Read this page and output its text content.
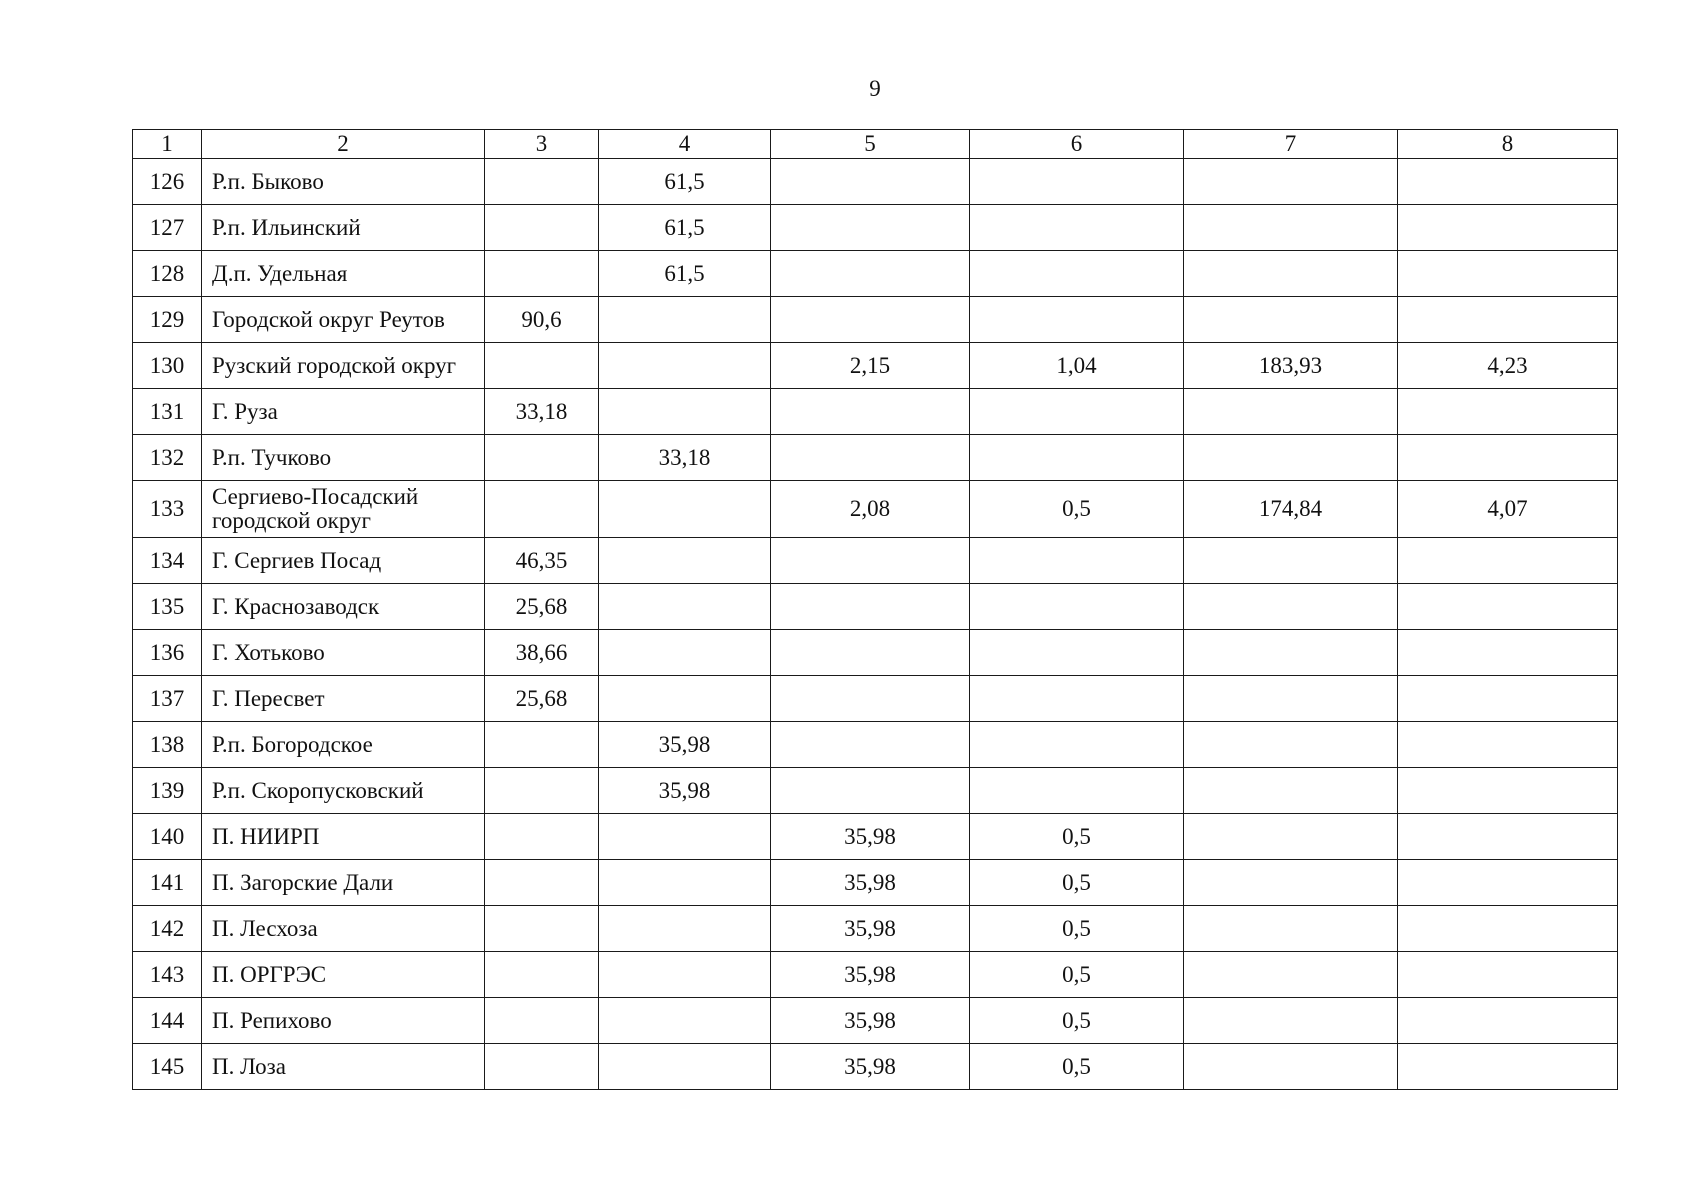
9
1	2	3	4	5	6	7	8
126	Р.п. Быково		61,5				
127	Р.п. Ильинский		61,5				
128	Д.п. Удельная		61,5				
129	Городской округ Реутов	90,6					
130	Рузский городской округ			2,15	1,04	183,93	4,23
131	Г. Руза	33,18					
132	Р.п. Тучково		33,18				
133	Сергиево-Посадский городской округ			2,08	0,5	174,84	4,07
134	Г. Сергиев Посад	46,35					
135	Г. Краснозаводск	25,68					
136	Г. Хотьково	38,66					
137	Г. Пересвет	25,68					
138	Р.п. Богородское		35,98				
139	Р.п. Скоропусковский		35,98				
140	П. НИИРП			35,98	0,5		
141	П. Загорские Дали			35,98	0,5		
142	П. Лесхоза			35,98	0,5		
143	П. ОРГРЭС			35,98	0,5		
144	П. Репихово			35,98	0,5		
145	П. Лоза			35,98	0,5		
